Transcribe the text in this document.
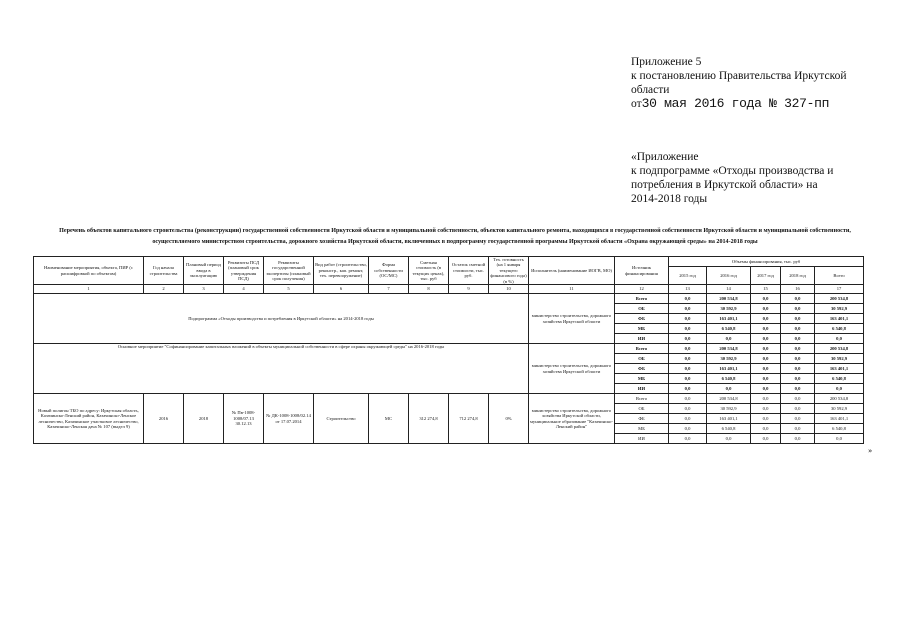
Приложение 5
к постановлению Правительства Иркутской
области
от30 мая 2016 года № 327-пп
«Приложение
к подпрограмме «Отходы производства и
потребления в Иркутской области» на
2014-2018 годы
Перечень объектов капитального строительства (реконструкции) государственной собственности Иркутской области и муниципальной собственности, объектов капитального ремонта, находящихся в государственной собственности Иркутской области и муниципальной собственности, осуществляемого министерством строительства, дорожного хозяйства Иркутской области, включенных в подпрограмму государственной программы Иркутской области «Охрана окружающей среды» на 2014-2018 годы
Наименование мероприятия, объекта, ПИР (с расшифровкой по объектам)	Год начала строительства	Плановый период ввода в эксплуатацию	Реквизиты ПСД (плановый срок утверждения ПСД)	Реквизиты государственной экспертизы (плановый срок получения)	Вид работ (строительство, реконстр., кап. ремонт, тех. перевооружение)	Форма собственности (ОС/МС)	Сметная стоимость (в текущих ценах), тыс. руб	Остаток сметной стоимости, тыс. руб.	Тех. готовность (на 1 января текущего финансового года) (в %)	Исполнитель (наименование ИОГВ, МО)	Источник финансирования	Объемы финансирования, тыс. руб				
												2015 год	2016 год	2017 год	2018 год	Всего

1	2	3	4	5	6	7	8	9	10	11	12	13	14	15	16	17
Подпрограмма «Отходы производства и потребления в Иркутской области» на 2014-2018 годы										министерство строительства, дорожного хозяйства Иркутской области	Всего	0,0	200 534,8	0,0	0,0	200 534,8
											ОБ	0,0	30 592,9	0,0	0,0	30 592,9
											ФБ	0,0	163 401,1	0,0	0,0	163 401,1
											МБ	0,0	6 540,8	0,0	0,0	6 540,8
											ИИ	0,0	0,0	0,0	0,0	0,0
Основное мероприятие "Софинансирование капитальных вложений в объекты муниципальной собственности в сфере охраны окружающей среды" на 2016-2018 годы										министерство строительства, дорожного хозяйства Иркутской области	Всего	0,0	200 534,8	0,0	0,0	200 534,8
											ОБ	0,0	30 592,9	0,0	0,0	30 592,9
											ФБ	0,0	163 401,1	0,0	0,0	163 401,1
											МБ	0,0	6 540,8	0,0	0,0	6 540,8
											ИИ	0,0	0,0	0,0	0,0	0,0
Новый полигон ТБО по адресу: Иркутская область, Казачинско-Ленский район, Казачинско-Ленское лесничество, Казачинское участковое лесничество, Казачинско-Ленская дача № 107 (выдел 9)	2016	2018	№ Пв-1008-1008/07.13 30.12.13	№ ДК-1008-1008/02.14 от 17.07.2014	Строительство	МС	312 274,8	712 274,8	0%	министерство строительства, дорожного хозяйства Иркутской области, муниципальное образование "Казачинско-Ленский район"	Всего	0,0	200 534,8	0,0	0,0	200 534,8
											ОБ	0,0	30 592,9	0,0	0,0	30 592,9
											ФБ	0,0	163 401,1	0,0	0,0	163 401,1
											МБ	0,0	6 540,8	0,0	0,0	6 540,8
											ИИ	0,0	0,0	0,0	0,0	0,0
»
